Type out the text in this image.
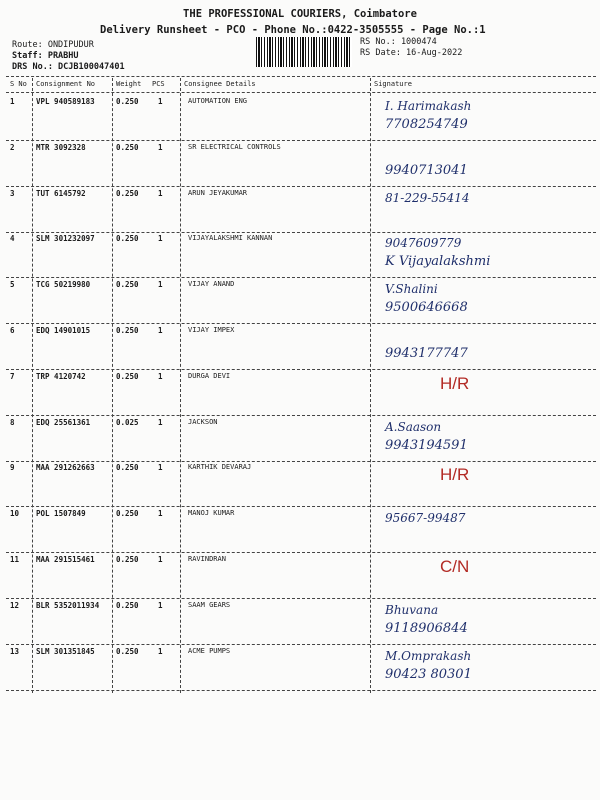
THE PROFESSIONAL COURIERS, Coimbatore
Delivery Runsheet - PCO - Phone No.:0422-3505555 - Page No.:1
Route: ONDIPUDUR
Staff: PRABHU
DRS No.: DCJB100047401
RS No.: 1000474
RS Date: 16-Aug-2022
S No Consignment No	Weight PCS	Consignee Details	Signature
1	VPL 940589183	0.250	1	AUTOMATION ENG	I. Harimakash
7708254749
2	MTR 3092328	0.250	1	SR ELECTRICAL CONTROLS
9940713041
3	TUT 6145792	0.250	1	ARUN JEYAKUMAR	81-229-55414
4	SLM 301232097	0.250	1	VIJAYALAKSHMI KANNAN	9047609779
K Vijayalakshmi
5	TCG 50219980	0.250	1	VIJAY ANAND	V.Shalini
9500646668
6	EDQ 14901015	0.250	1	VIJAY IMPEX
9943177747
7	TRP 4120742	0.250	1	DURGA DEVI	H/R
8	EDQ 25561361	0.025	1	JACKSON	A.Saason
9943194591
9	MAA 291262663	0.250	1	KARTHIK DEVARAJ	H/R
10 POL 1507849	0.250	1	MANOJ KUMAR	95667-99487
11 MAA 291515461	0.250	1	RAVINDRAN	C/N
12 BLR 5352011934 0.250	1	SAAM GEARS	Bhuvana
9118906844
13 SLM 301351845	0.250	1	ACME PUMPS	M.Omprakash
90423 80301
